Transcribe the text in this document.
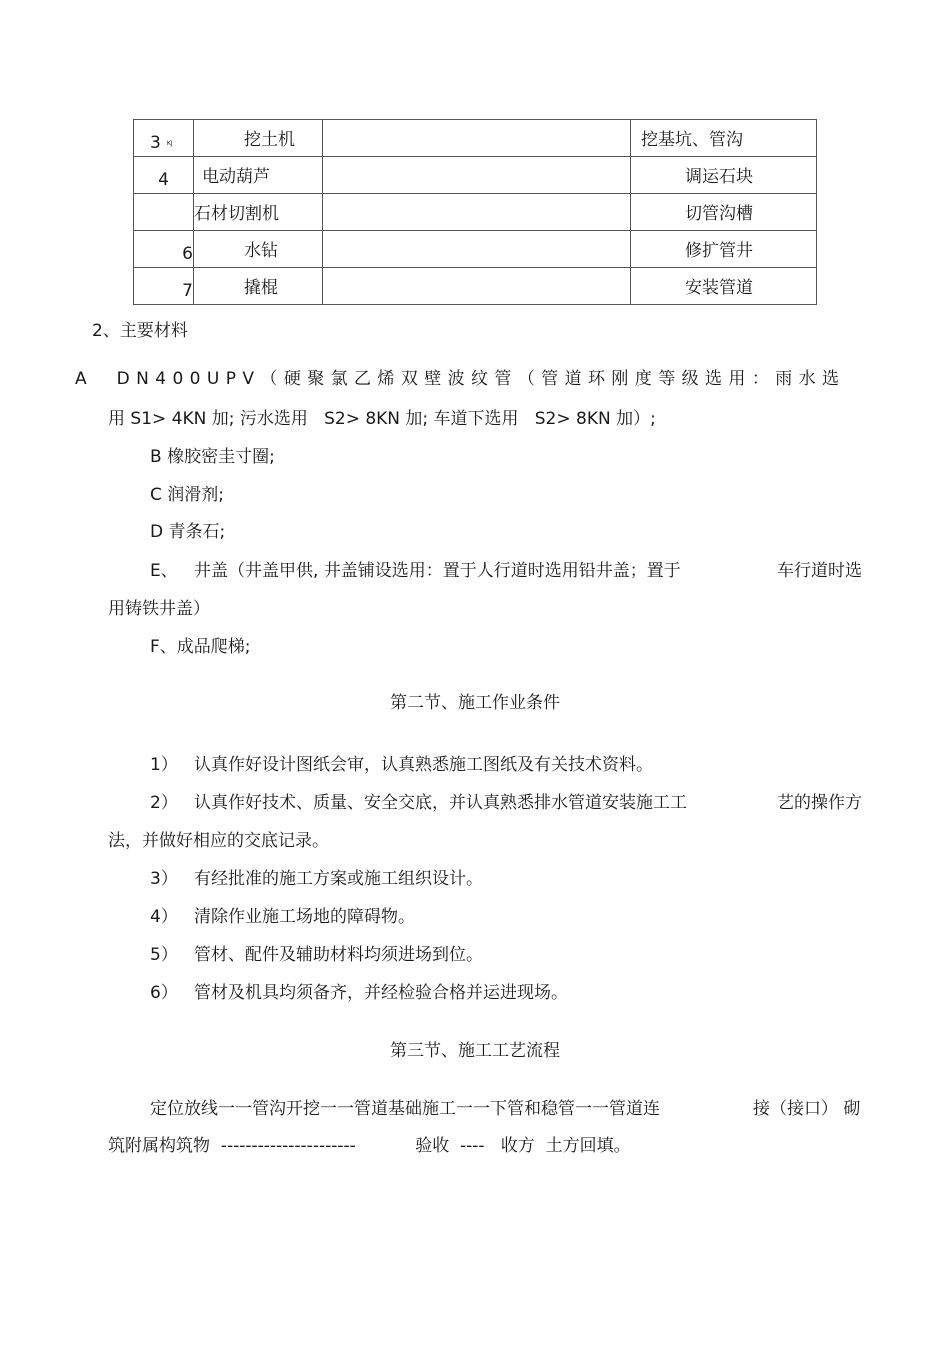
3 KJ	挖土机		挖基坑、管沟

4	电动葫芦		调运石块

	石材切割机		切管沟槽

6	水钻		修扩管井

7	撬棍		安装管道
2、主要材料
A  DN400UPV（硬聚氯乙烯双壁波纹管（管道环刚度等级选用：雨水选
用 S1> 4KN 加; 污水选用   S2> 8KN 加; 车道下选用   S2> 8KN 加）;
B 橡胶密圭寸圈;
C 润滑剂;
D 青条石;
E、   井盖（井盖甲供, 井盖铺设选用：置于人行道时选用铅井盖；置于	车行道时选
用铸铁井盖）
F、成品爬梯;
第二节、施工作业条件
1）   认真作好设计图纸会审，认真熟悉施工图纸及有关技术资料。
2）   认真作好技术、质量、安全交底，并认真熟悉排水管道安装施工工	艺的操作方
法，并做好相应的交底记录。
3）   有经批准的施工方案或施工组织设计。
4）   清除作业施工场地的障碍物。
5）   管材、配件及辅助材料均须进场到位。
6）   管材及机具均须备齐，并经检验合格并运进现场。
第三节、施工工艺流程
定位放线一一管沟开挖一一管道基础施工一一下管和稳管一一管道连	接（接口） 砌
筑附属构筑物  ----------------------           验收  ----   收方  土方回填。
